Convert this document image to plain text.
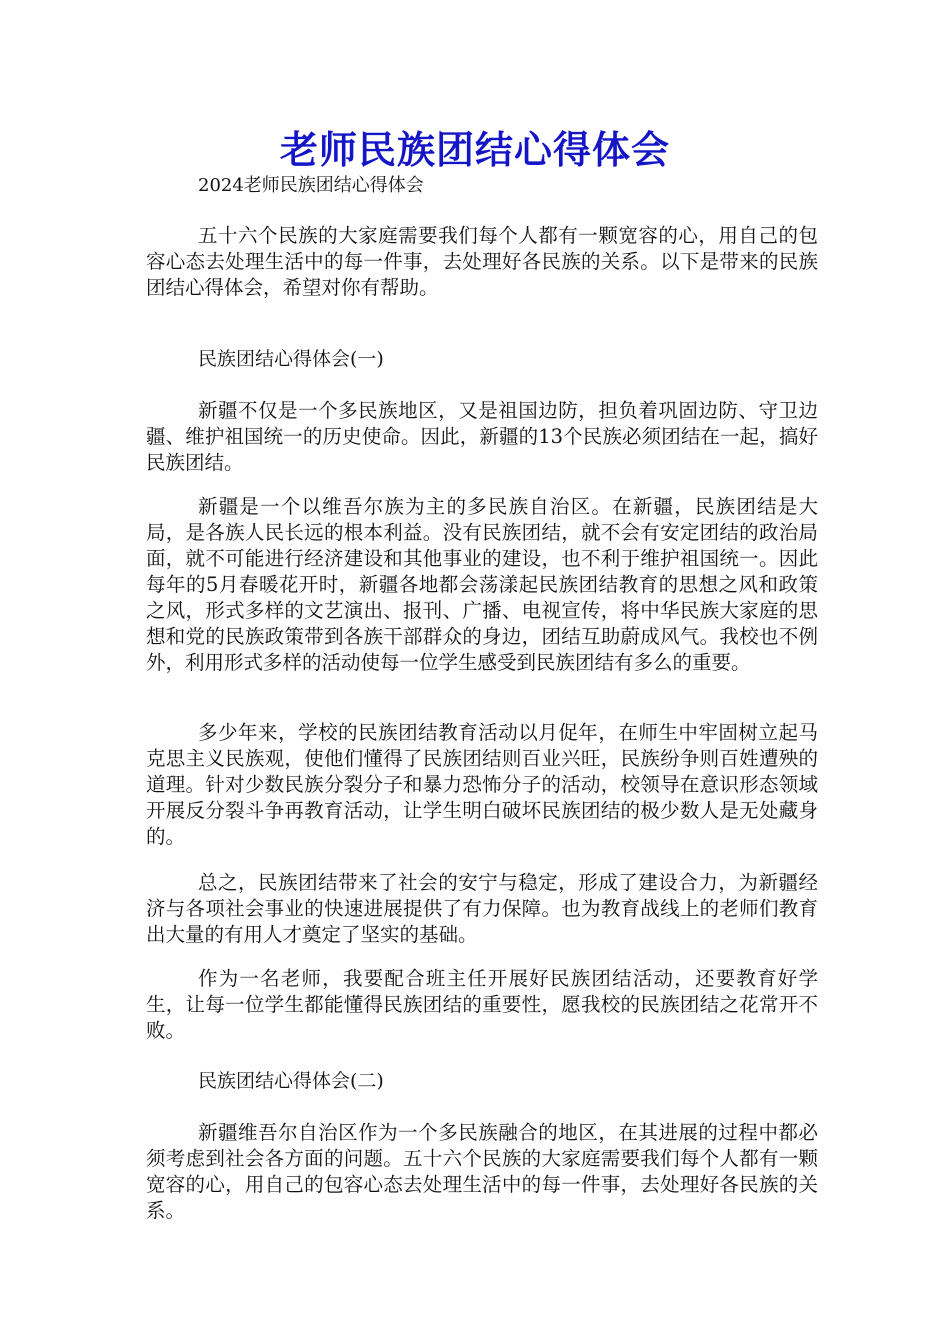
老师民族团结心得体会
2024老师民族团结心得体会
五十六个民族的大家庭需要我们每个人都有一颗宽容的心，用自己的包容心态去处理生活中的每一件事，去处理好各民族的关系。以下是带来的民族团结心得体会，希望对你有帮助。
民族团结心得体会(一)
新疆不仅是一个多民族地区，又是祖国边防，担负着巩固边防、守卫边疆、维护祖国统一的历史使命。因此，新疆的13个民族必须团结在一起，搞好民族团结。
新疆是一个以维吾尔族为主的多民族自治区。在新疆，民族团结是大局，是各族人民长远的根本利益。没有民族团结，就不会有安定团结的政治局面，就不可能进行经济建设和其他事业的建设，也不利于维护祖国统一。因此每年的5月春暖花开时，新疆各地都会荡漾起民族团结教育的思想之风和政策之风，形式多样的文艺演出、报刊、广播、电视宣传，将中华民族大家庭的思想和党的民族政策带到各族干部群众的身边，团结互助蔚成风气。我校也不例外，利用形式多样的活动使每一位学生感受到民族团结有多么的重要。
多少年来，学校的民族团结教育活动以月促年，在师生中牢固树立起马克思主义民族观，使他们懂得了民族团结则百业兴旺，民族纷争则百姓遭殃的道理。针对少数民族分裂分子和暴力恐怖分子的活动，校领导在意识形态领域开展反分裂斗争再教育活动，让学生明白破坏民族团结的极少数人是无处藏身的。
总之，民族团结带来了社会的安宁与稳定，形成了建设合力，为新疆经济与各项社会事业的快速进展提供了有力保障。也为教育战线上的老师们教育出大量的有用人才奠定了坚实的基础。
作为一名老师，我要配合班主任开展好民族团结活动，还要教育好学生，让每一位学生都能懂得民族团结的重要性，愿我校的民族团结之花常开不败。
民族团结心得体会(二)
新疆维吾尔自治区作为一个多民族融合的地区，在其进展的过程中都必须考虑到社会各方面的问题。五十六个民族的大家庭需要我们每个人都有一颗宽容的心，用自己的包容心态去处理生活中的每一件事，去处理好各民族的关系。
